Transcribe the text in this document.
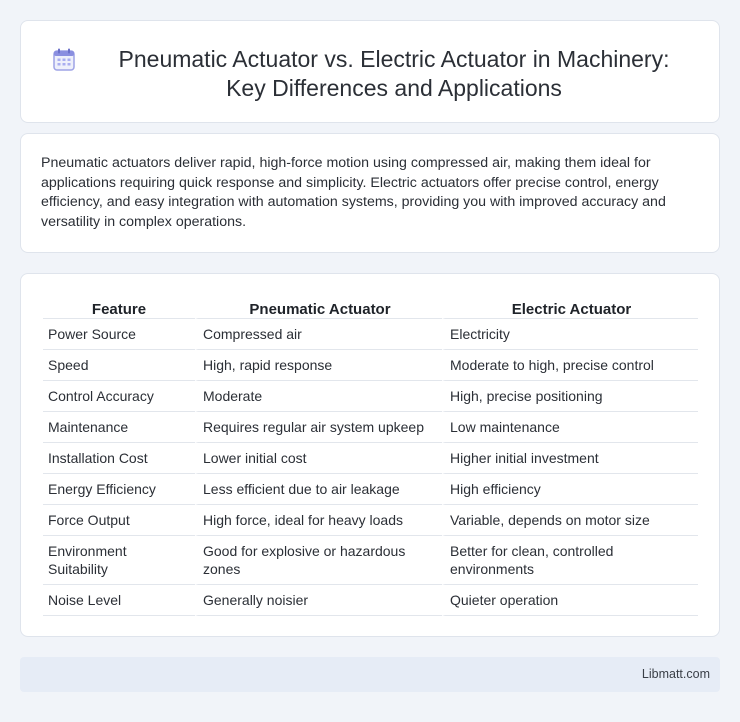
Pneumatic Actuator vs. Electric Actuator in Machinery: Key Differences and Applications

Pneumatic actuators deliver rapid, high-force motion using compressed air, making them ideal for applications requiring quick response and simplicity. Electric actuators offer precise control, energy efficiency, and easy integration with automation systems, providing you with improved accuracy and versatility in complex operations.

Feature	Pneumatic Actuator	Electric Actuator
Power Source	Compressed air	Electricity
Speed	High, rapid response	Moderate to high, precise control
Control Accuracy	Moderate	High, precise positioning
Maintenance	Requires regular air system upkeep	Low maintenance
Installation Cost	Lower initial cost	Higher initial investment
Energy Efficiency	Less efficient due to air leakage	High efficiency
Force Output	High force, ideal for heavy loads	Variable, depends on motor size
Environment Suitability	Good for explosive or hazardous zones	Better for clean, controlled environments
Noise Level	Generally noisier	Quieter operation
Libmatt.com
